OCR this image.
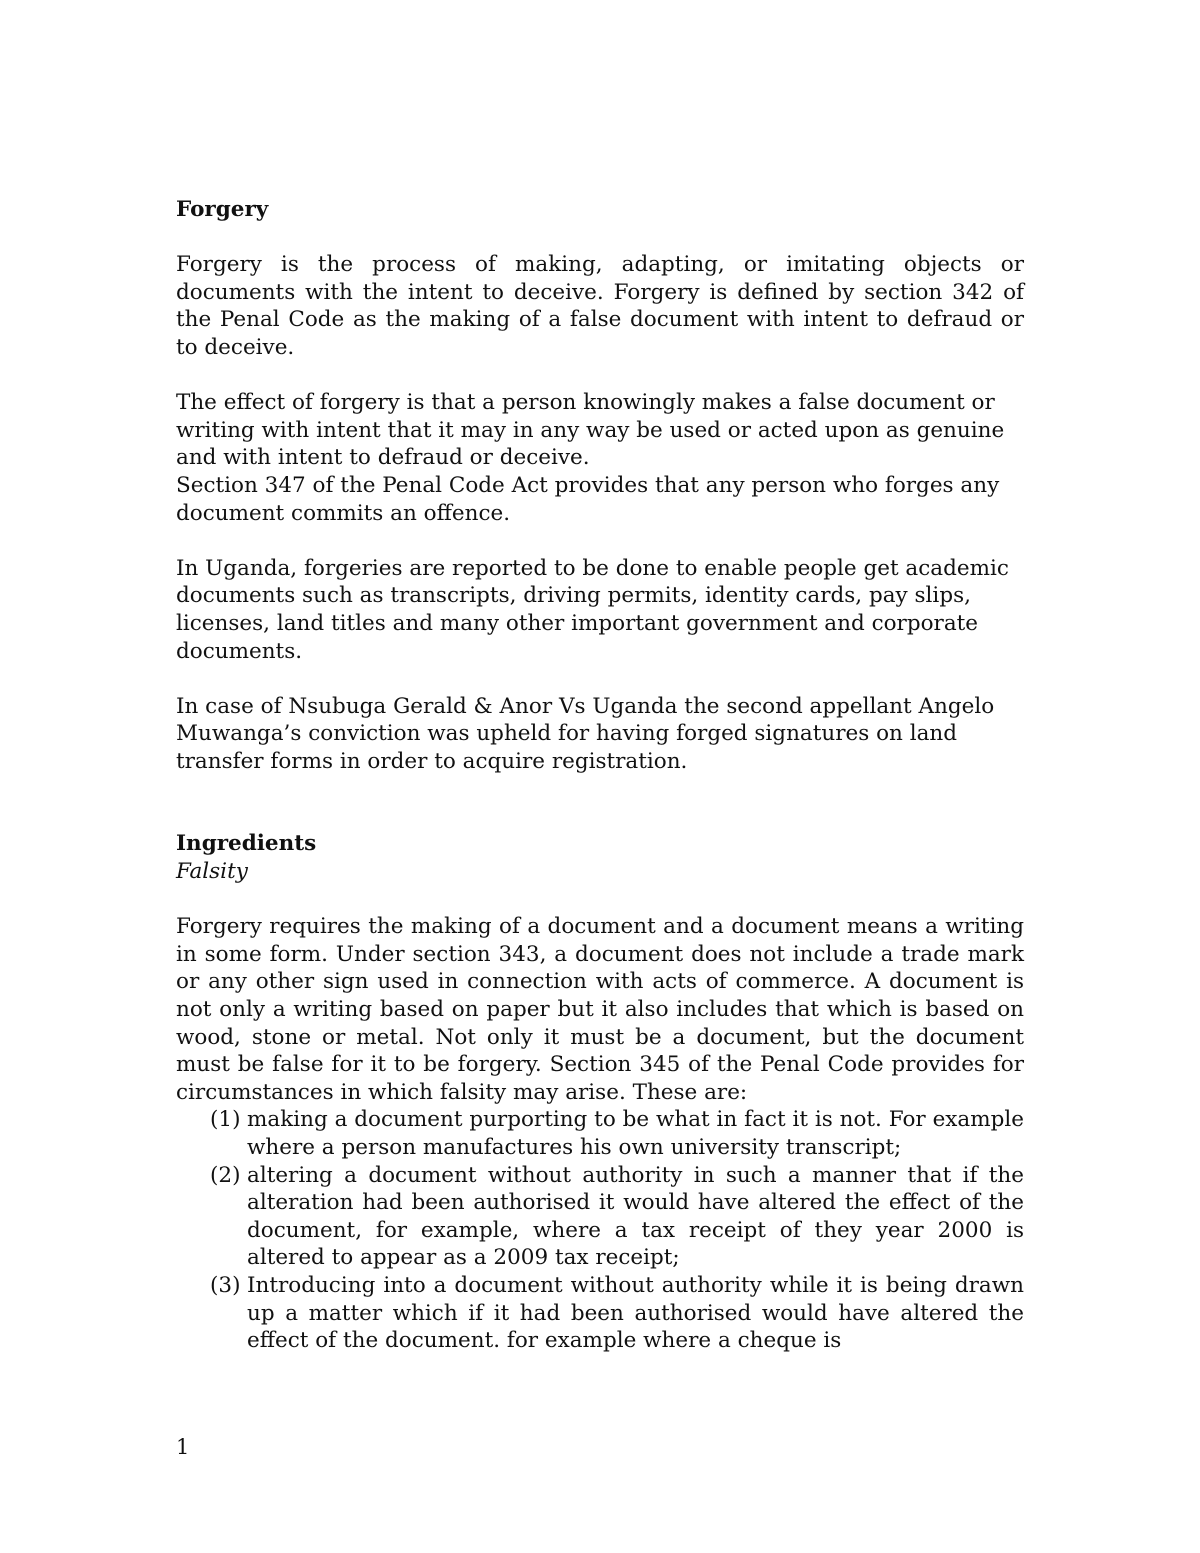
Forgery

Forgery is the process of making, adapting, or imitating objects or documents with the intent to deceive. Forgery is defined by section 342 of the Penal Code as the making of a false document with intent to defraud or to deceive.

The effect of forgery is that a person knowingly makes a false document or writing with intent that it may in any way be used or acted upon as genuine and with intent to defraud or deceive.

Section 347 of the Penal Code Act provides that any person who forges any document commits an offence.

In Uganda, forgeries are reported to be done to enable people get academic documents such as transcripts, driving permits, identity cards, pay slips, licenses, land titles and many other important government and corporate documents.

In case of Nsubuga Gerald & Anor Vs Uganda the second appellant Angelo Muwanga’s conviction was upheld for having forged signatures on land transfer forms in order to acquire registration.

Ingredients

Falsity

Forgery requires the making of a document and a document means a writing in some form. Under section 343, a document does not include a trade mark or any other sign used in connection with acts of commerce. A document is not only a writing based on paper but it also includes that which is based on wood, stone or metal. Not only it must be a document, but the document must be false for it to be forgery. Section 345 of the Penal Code provides for circumstances in which falsity may arise. These are:

(1) making a document purporting to be what in fact it is not. For example where a person manufactures his own university transcript;
(2) altering a document without authority in such a manner that if the alteration had been authorised it would have altered the effect of the document, for example, where a tax receipt of they year 2000 is altered to appear as a 2009 tax receipt;
(3) Introducing into a document without authority while it is being drawn up a matter which if it had been authorised would have altered the effect of the document. for example where a cheque is
1
